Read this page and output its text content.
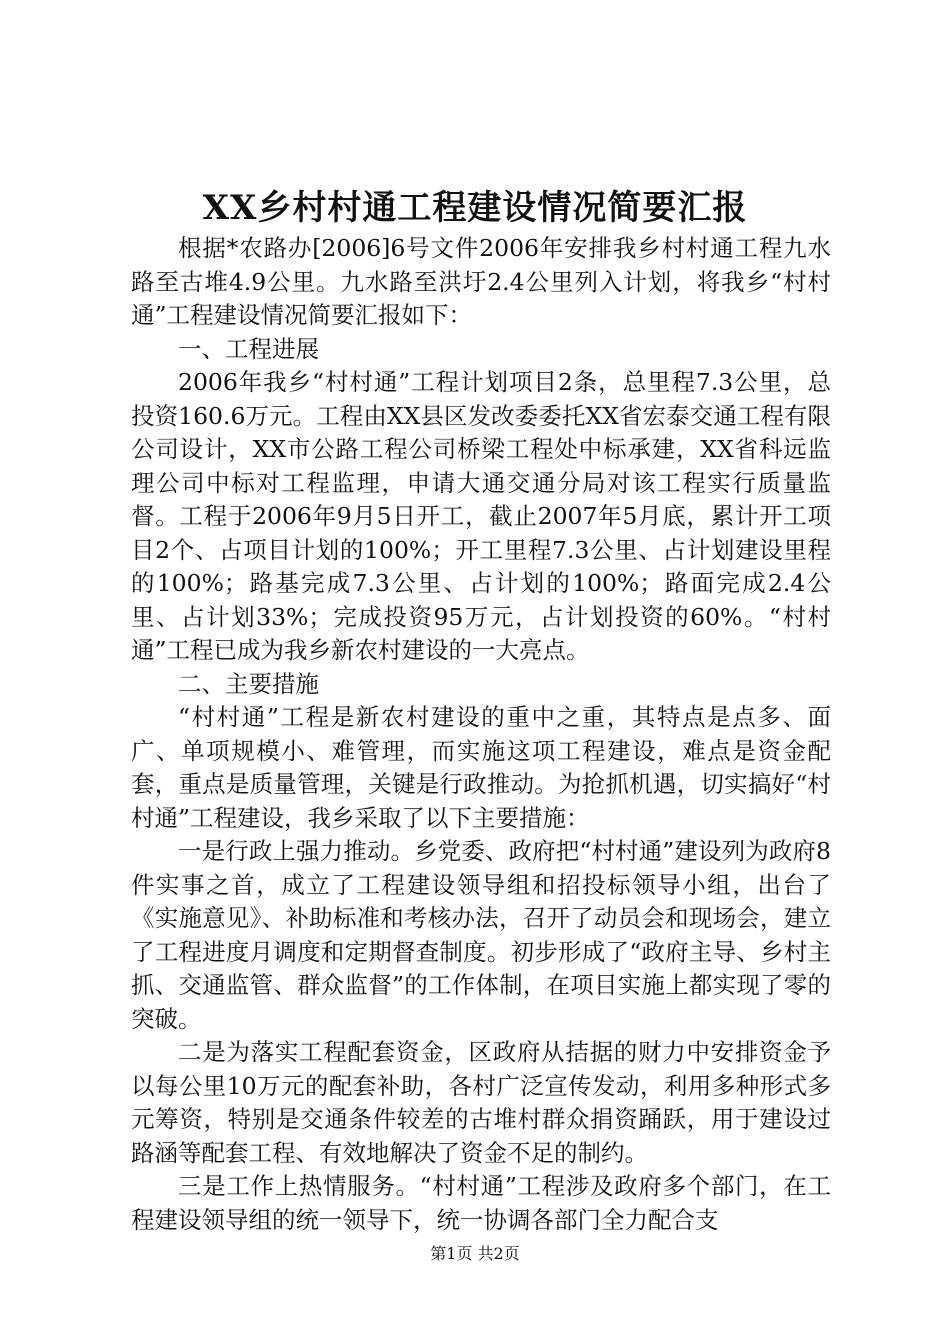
XX乡村村通工程建设情况简要汇报

根据*农路办[2006]6号文件2006年安排我乡村村通工程九水路至古堆4.9公里。九水路至洪圩2.4公里列入计划，将我乡“村村通”工程建设情况简要汇报如下：

一、工程进展

2006年我乡“村村通”工程计划项目2条，总里程7.3公里，总投资160.6万元。工程由XX县区发改委委托XX省宏泰交通工程有限公司设计，XX市公路工程公司桥梁工程处中标承建，XX省科远监理公司中标对工程监理，申请大通交通分局对该工程实行质量监督。工程于2006年9月5日开工，截止2007年5月底，累计开工项目2个、占项目计划的100%；开工里程7.3公里、占计划建设里程的100%；路基完成7.3公里、占计划的100%；路面完成2.4公里、占计划33%；完成投资95万元，占计划投资的60%。“村村通”工程已成为我乡新农村建设的一大亮点。

二、主要措施

“村村通”工程是新农村建设的重中之重，其特点是点多、面广、单项规模小、难管理，而实施这项工程建设，难点是资金配套，重点是质量管理，关键是行政推动。为抢抓机遇，切实搞好“村村通”工程建设，我乡采取了以下主要措施：

一是行政上强力推动。乡党委、政府把“村村通”建设列为政府8件实事之首，成立了工程建设领导组和招投标领导小组，出台了《实施意见》、补助标准和考核办法，召开了动员会和现场会，建立了工程进度月调度和定期督查制度。初步形成了“政府主导、乡村主抓、交通监管、群众监督”的工作体制，在项目实施上都实现了零的突破。

二是为落实工程配套资金，区政府从拮据的财力中安排资金予以每公里10万元的配套补助，各村广泛宣传发动，利用多种形式多元筹资，特别是交通条件较差的古堆村群众捐资踊跃，用于建设过路涵等配套工程、有效地解决了资金不足的制约。

三是工作上热情服务。“村村通”工程涉及政府多个部门，在工程建设领导组的统一领导下，统一协调各部门全力配合支

第1页 共2页
